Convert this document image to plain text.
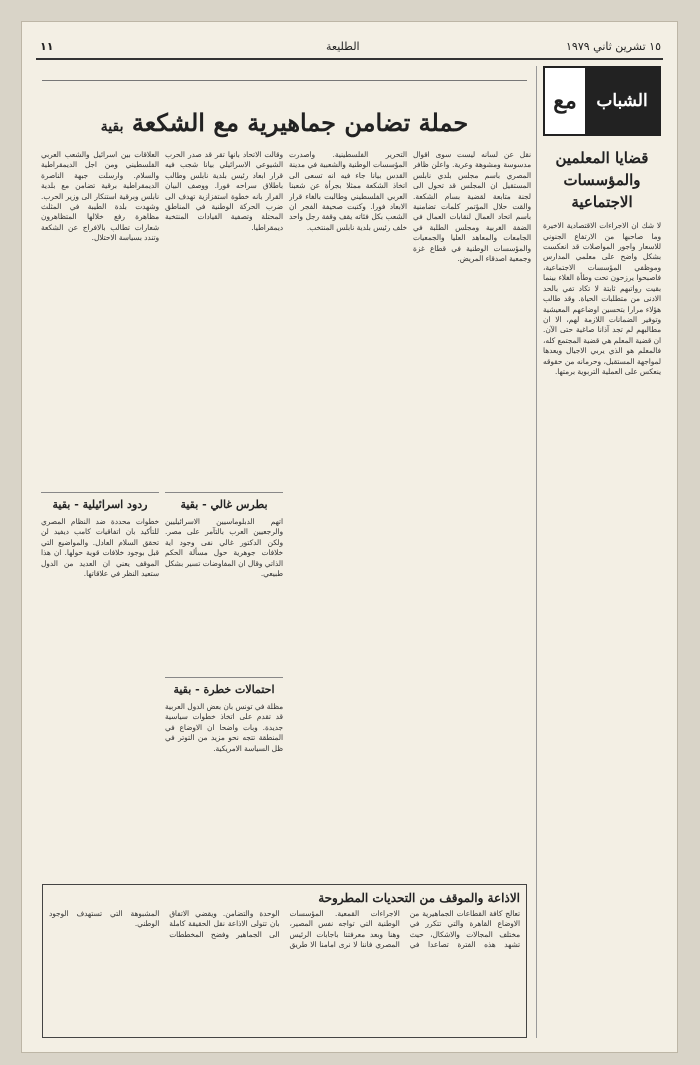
١٥ تشرين ثاني ١٩٧٩
الطليعة
١١
الشباب
مع
قضايا المعلمين والمؤسسات الاجتماعية

لا شك ان الاجراءات الاقتصادية الاخيرة وما صاحبها من الارتفاع الجنوني للاسعار واجور المواصلات قد انعكست بشكل واضح على معلمي المدارس وموظفي المؤسسات الاجتماعية، فاصبحوا يرزحون تحت وطأة الغلاء بينما بقيت رواتبهم ثابتة لا تكاد تفي بالحد الادنى من متطلبات الحياة. وقد طالب هؤلاء مرارا بتحسين اوضاعهم المعيشية وتوفير الضمانات اللازمة لهم، الا ان مطالبهم لم تجد آذانا صاغية حتى الآن. ان قضية المعلم هي قضية المجتمع كله، فالمعلم هو الذي يربي الاجيال ويعدها لمواجهة المستقبل، وحرمانه من حقوقه ينعكس على العملية التربوية برمتها.

حملة تضامن جماهيرية مع الشكعة بقية

نقل عن لسانه ليست سوى اقوال مدسوسة ومشوهة وعرية. واعلن ظافر المصري باسم مجلس بلدي نابلس المستقيل ان المجلس قد تحول الى لجنة متابعة لقضية بسام الشكعة. والقت حلال المؤتمر كلمات تضامنية باسم اتحاد العمال لنقابات العمال في الضفة الغربية ومجلس الطلبة في الجامعات والمعاهد العليا والجمعيات والمؤسسات الوطنية في قطاع غزة وجمعية اصدقاء المريض.

التحرير الفلسطينية. واصدرت المؤسسات الوطنية والشعبية في مدينة القدس بيانا جاء فيه انه تسعى الى اتخاذ الشكعة ممثلا بجرأة عن شعبنا العربي الفلسطيني وطالبت بالغاء قرار الابعاد فورا. وكتبت صحيفة الفجر ان الشعب بكل فئاته يقف وقفة رجل واحد خلف رئيس بلدية نابلس المنتخب.

وقالت الاتحاد بانها تقر قد صدر الحرب الشيوعي الاسرائيلي بيانا شجب فيه قرار ابعاد رئيس بلدية نابلس وطالب باطلاق سراحه فورا. ووصف البيان القرار بانه خطوة استفزازية تهدف الى ضرب الحركة الوطنية في المناطق المحتلة وتصفية القيادات المنتخبة ديمقراطيا.

العلاقات بين اسرائيل والشعب العربي الفلسطيني ومن اجل الديمقراطية والسلام. وارسلت جبهة الناصرة الديمقراطية برقية تضامن مع بلدية نابلس وبرقية استنكار الى وزير الحرب. وشهدت بلدة الطيبة في المثلث مظاهرة رفع خلالها المتظاهرون شعارات تطالب بالافراج عن الشكعة وتندد بسياسة الاحتلال.

بطرس غالي - بقية

اتهم الدبلوماسيين الاسرائيليين والرجعيين العرب بالتآمر على مصر. ولكن الدكتور غالي نفى وجود اية خلافات جوهرية حول مسألة الحكم الذاتي وقال ان المفاوضات تسير بشكل طبيعي.

احتمالات خطرة - بقية

مظلة في تونس بان بعض الدول العربية قد تقدم على اتخاذ خطوات سياسية جديدة. وبات واضحا ان الاوضاع في المنطقة تتجه نحو مزيد من التوتر في ظل السياسة الامريكية.

ردود اسرائيلية - بقية

خطوات محددة ضد النظام المصري للتأكيد بان اتفاقيات كامب ديفيد لن تحقق السلام العادل. والمواضيع التي قبل بوجود خلافات قوية حولها. ان هذا الموقف يعني ان العديد من الدول ستعيد النظر في علاقاتها.

الاذاعة والموقف من التحديات المطروحة

تعالج كافة القطاعات الجماهيرية من الاوضاع القاهرة والتي تتكرر في مختلف المجالات والاشكال، حيث تشهد هذه الفترة تصاعدا في الاجراءات القمعية. المؤسسات الوطنية التي تواجه نفس المصير، وهنا وبعد معرفتنا باجابات الرئيس المصري فاننا لا نرى امامنا الا طريق الوحدة والتضامن. ويقضي الاتفاق بان تتولى الاذاعة نقل الحقيقة كاملة الى الجماهير وفضح المخططات المشبوهة التي تستهدف الوجود الوطني.
